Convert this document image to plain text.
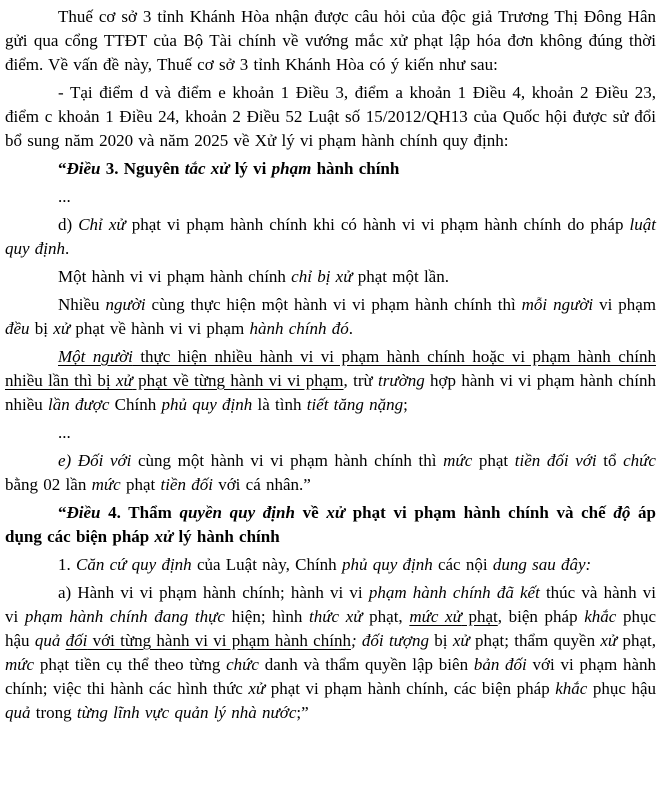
Thuế cơ sở 3 tỉnh Khánh Hòa nhận được câu hỏi của độc giả Trương Thị Đông Hân gửi qua cổng TTĐT của Bộ Tài chính về vướng mắc xử phạt lập hóa đơn không đúng thời điểm. Về vấn đề này, Thuế cơ sở 3 tỉnh Khánh Hòa có ý kiến như sau:

- Tại điểm d và điểm e khoản 1 Điều 3, điểm a khoản 1 Điều 4, khoản 2 Điều 23, điểm c khoản 1 Điều 24, khoản 2 Điều 52 Luật số 15/2012/QH13 của Quốc hội được sử đổi bổ sung năm 2020 và năm 2025 về Xử lý vi phạm hành chính quy định:

“Điều 3. Nguyên tắc xử lý vi phạm hành chính

...

d) Chỉ xử phạt vi phạm hành chính khi có hành vi vi phạm hành chính do pháp luật quy định.

Một hành vi vi phạm hành chính chỉ bị xử phạt một lần.

Nhiều người cùng thực hiện một hành vi vi phạm hành chính thì mỗi người vi phạm đều bị xử phạt về hành vi vi phạm hành chính đó.

Một người thực hiện nhiều hành vi vi phạm hành chính hoặc vi phạm hành chính nhiều lần thì bị xử phạt về từng hành vi vi phạm, trừ trường hợp hành vi vi phạm hành chính nhiều lần được Chính phủ quy định là tình tiết tăng nặng;

...

e) Đối với cùng một hành vi vi phạm hành chính thì mức phạt tiền đối với tổ chức bằng 02 lần mức phạt tiền đối với cá nhân.”

“Điều 4. Thẩm quyền quy định về xử phạt vi phạm hành chính và chế độ áp dụng các biện pháp xử lý hành chính

1. Căn cứ quy định của Luật này, Chính phủ quy định các nội dung sau đây:

a) Hành vi vi phạm hành chính; hành vi vi phạm hành chính đã kết thúc và hành vi vi phạm hành chính đang thực hiện; hình thức xử phạt, mức xử phạt, biện pháp khắc phục hậu quả đối với từng hành vi vi phạm hành chính; đối tượng bị xử phạt; thẩm quyền xử phạt, mức phạt tiền cụ thể theo từng chức danh và thẩm quyền lập biên bản đối với vi phạm hành chính; việc thi hành các hình thức xử phạt vi phạm hành chính, các biện pháp khắc phục hậu quả trong từng lĩnh vực quản lý nhà nước;”
